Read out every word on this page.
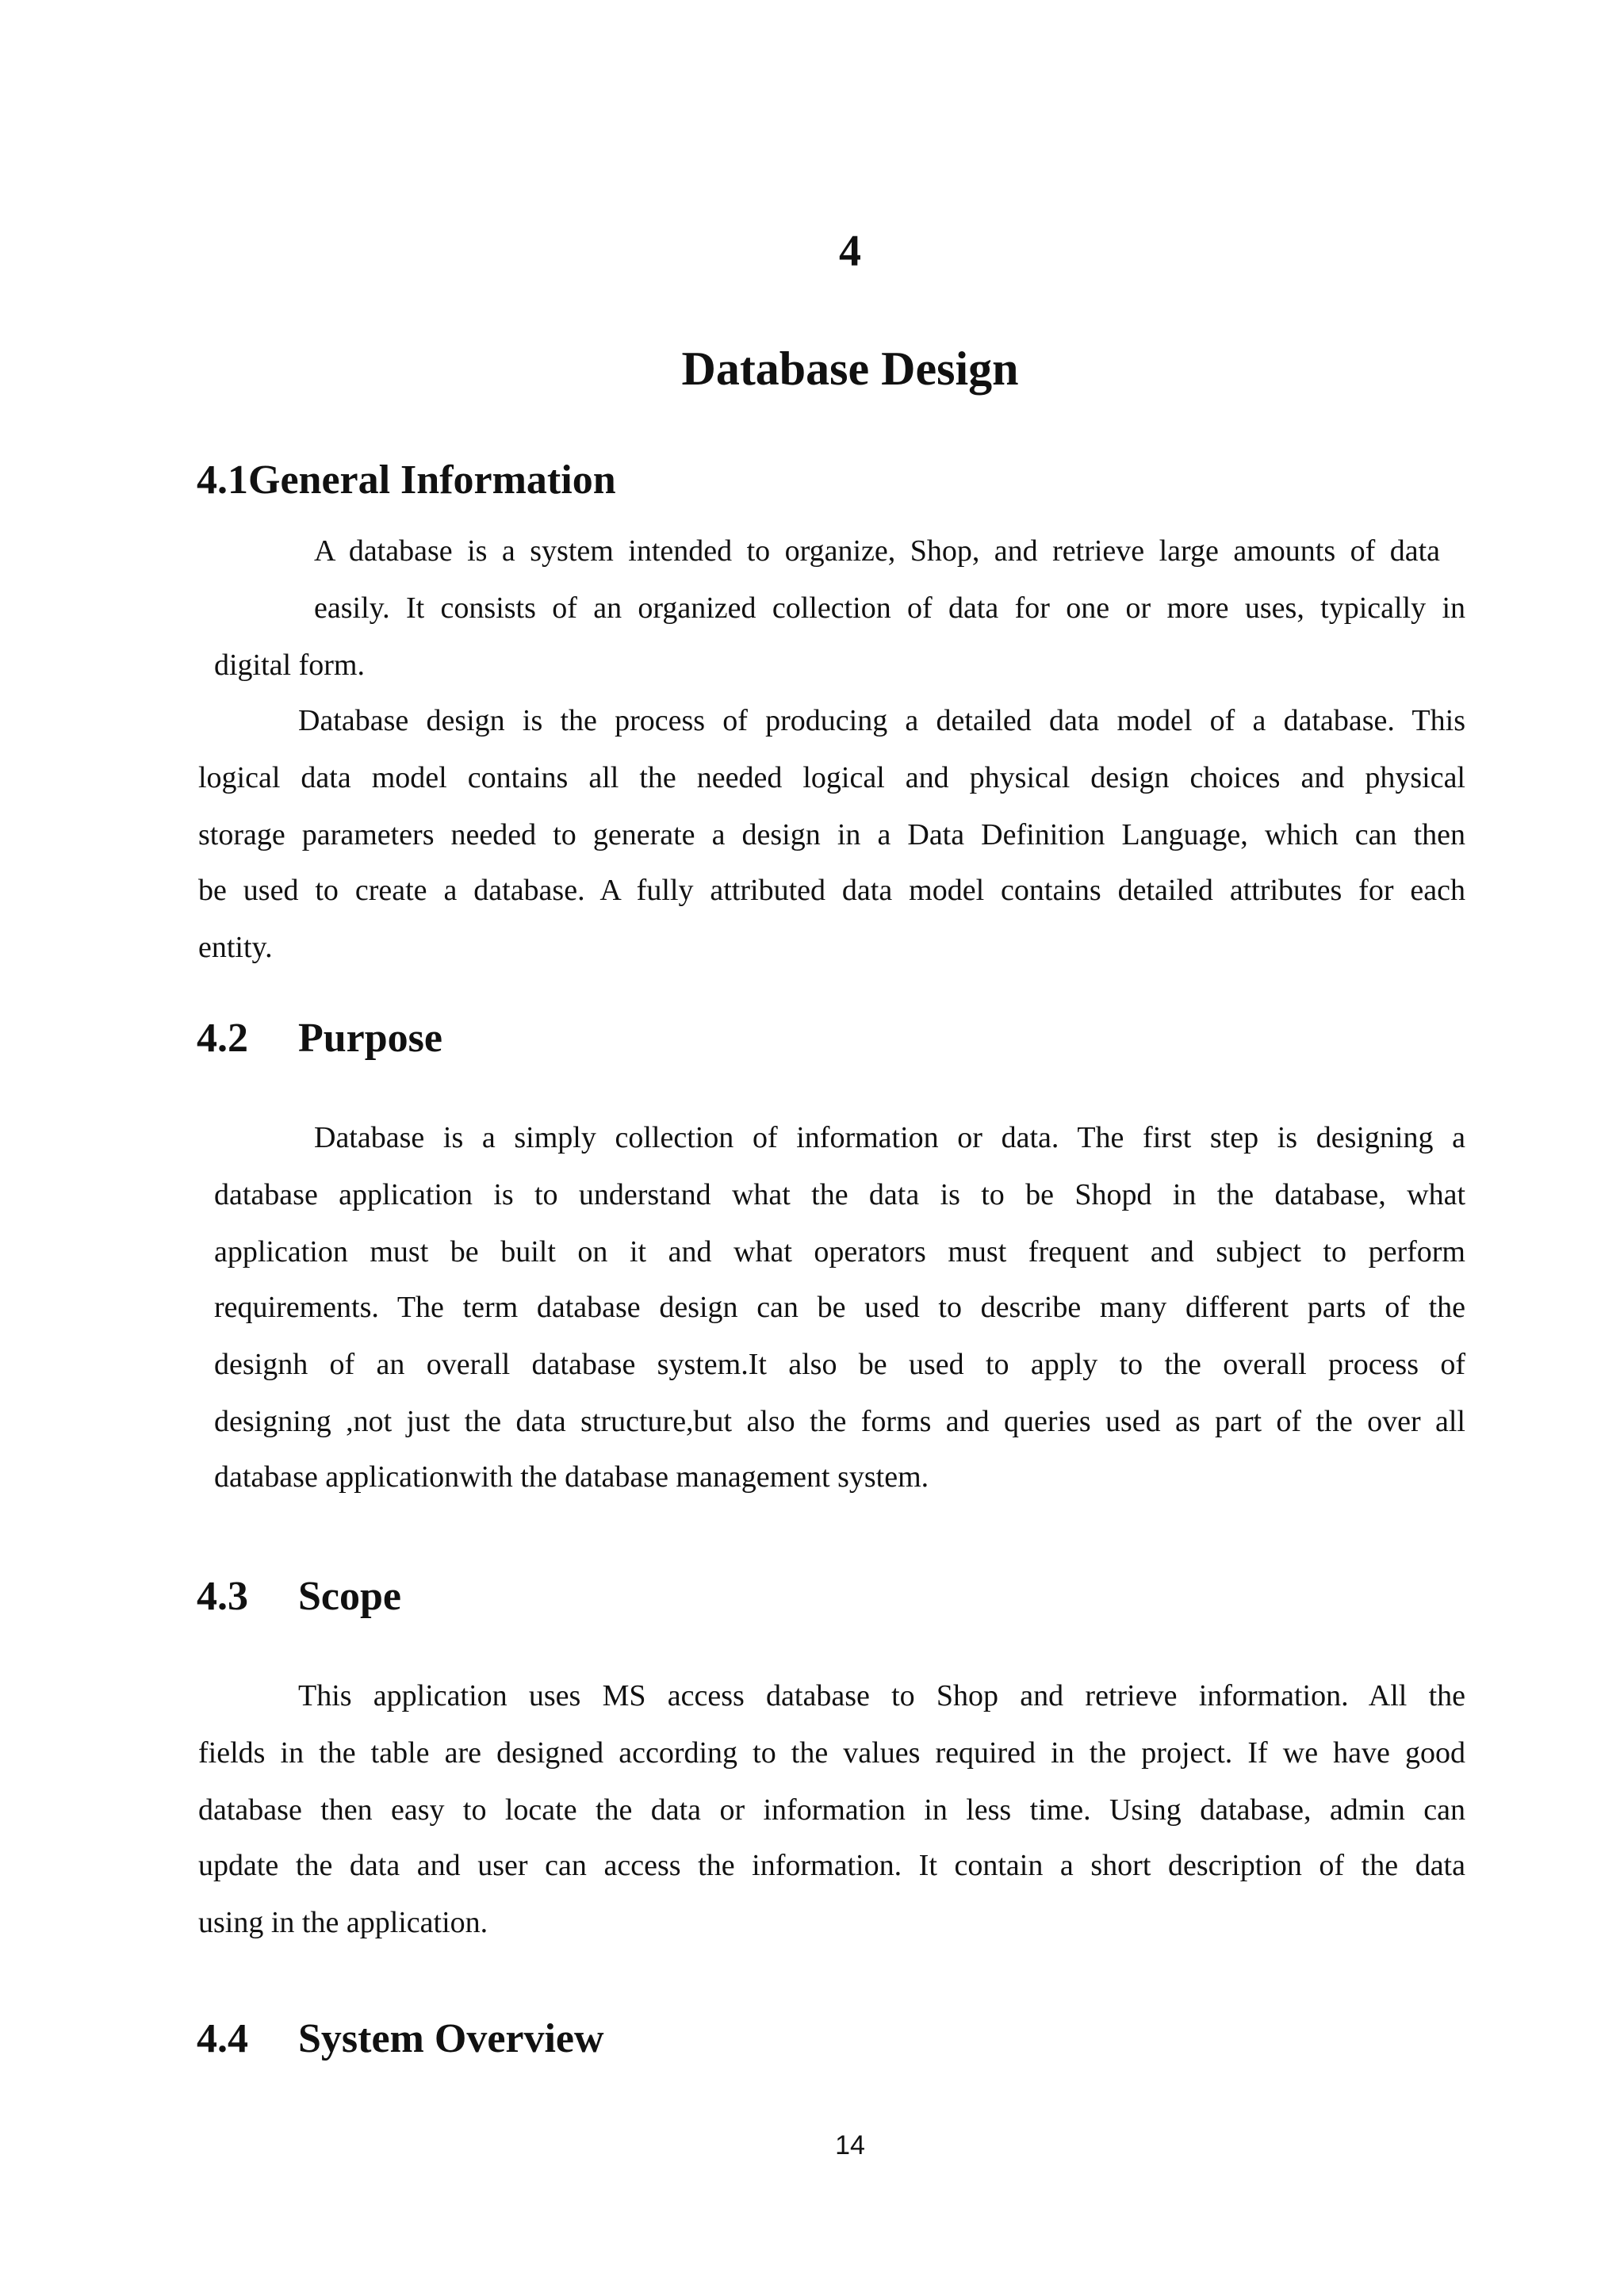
4
Database Design
4.1General Information
A database is a system intended to organize, Shop, and retrieve large amounts of data
easily. It consists of an organized collection of data for one or more uses, typically in
digital form.
Database design is the process of producing a detailed data model of a database. This
logical data model contains all the needed logical and physical design choices and physical
storage parameters needed to generate a design in a Data Definition Language, which can then
be used to create a database. A fully attributed data model contains detailed attributes for each
entity.
4.2 Purpose
Database is a simply collection of information or data. The first step is designing a
database application is to understand what the data is to be Shopd in the database, what
application must be built on it and what operators must frequent and subject to perform
requirements. The term database design can be used to describe many different parts of the
designh of an overall database system.It also be used to apply to the overall process of
designing ,not just the data structure,but also the forms and queries used as part of the over all
database applicationwith the database management system.
4.3 Scope
This application uses MS access database to Shop and retrieve information. All the
fields in the table are designed according to the values required in the project. If we have good
database then easy to locate the data or information in less time. Using database, admin can
update the data and user can access the information. It contain a short description of the data
using in the application.
4.4 System Overview
14
